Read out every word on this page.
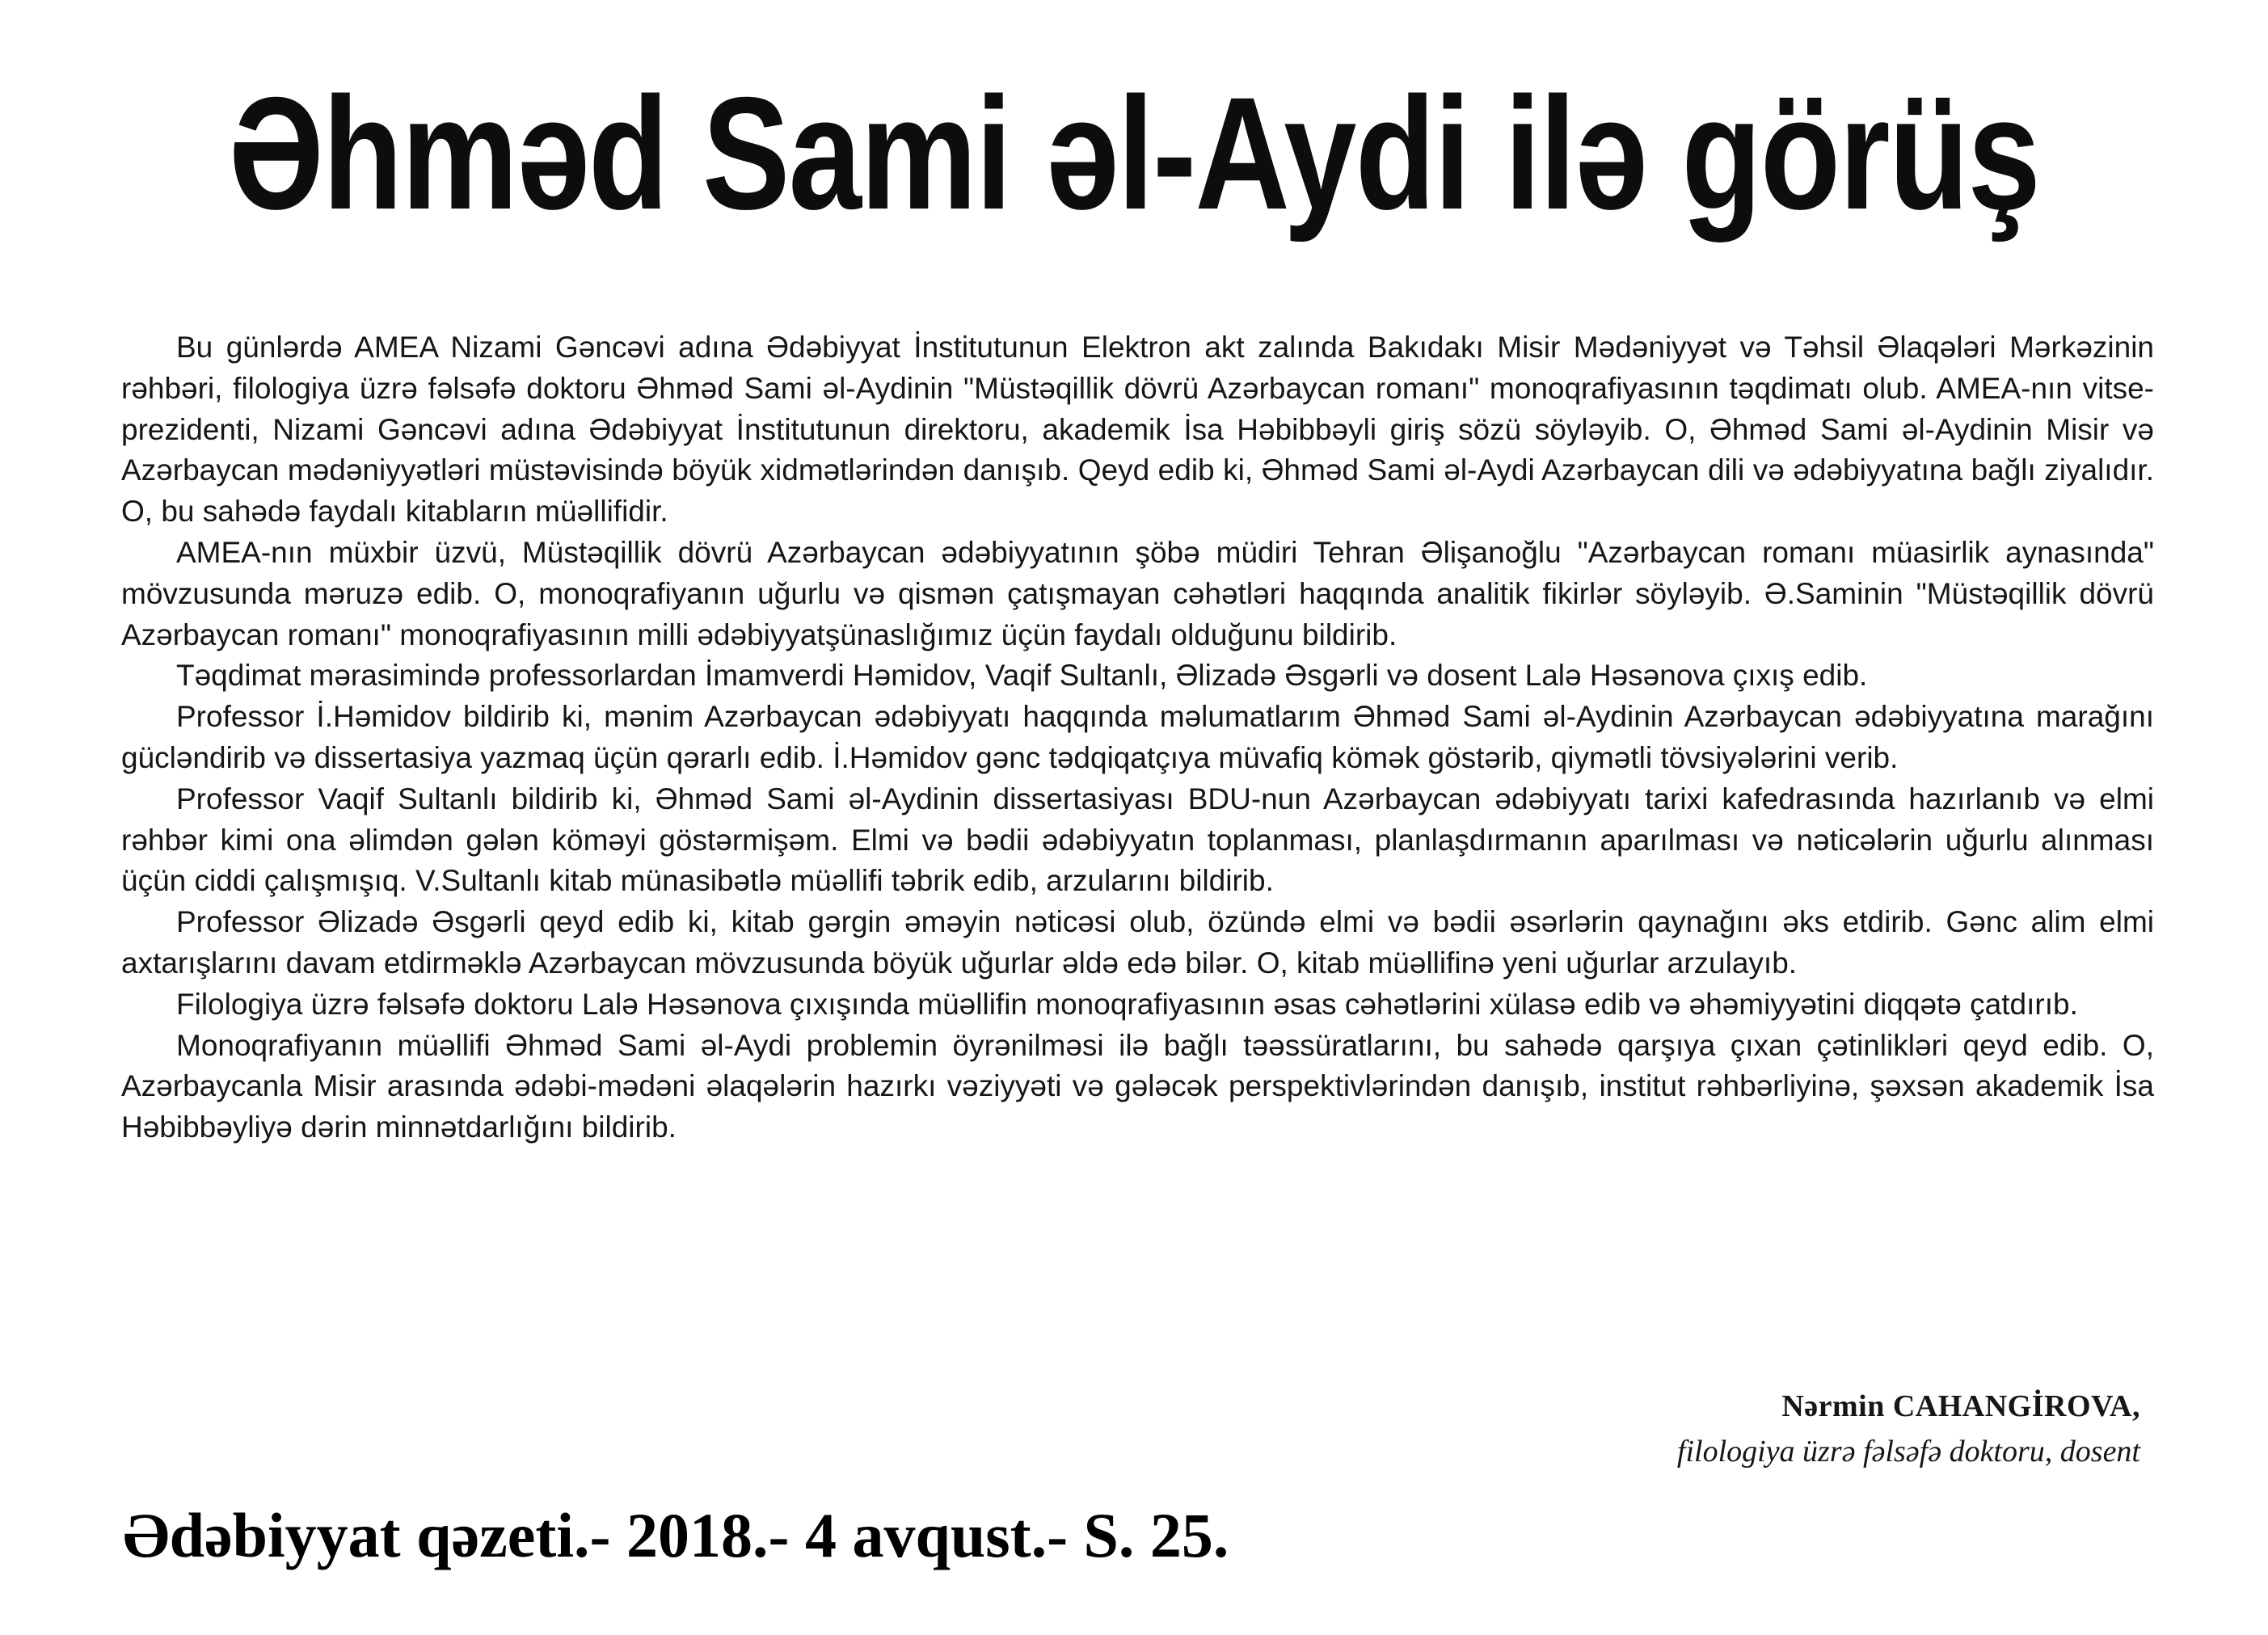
Əhməd Sami əl-Aydi ilə görüş

Bu günlərdə AMEA Nizami Gəncəvi adına Ədəbiyyat İnstitutunun Elektron akt zalında Bakıdakı Misir Mədəniyyət və Təhsil Əlaqələri Mərkəzinin rəhbəri, filologiya üzrə fəlsəfə doktoru Əhməd Sami əl-Aydinin "Müstəqillik dövrü Azərbaycan romanı" monoqrafiyasının təqdimatı olub. AMEA-nın vitse-prezidenti, Nizami Gəncəvi adına Ədəbiyyat İnstitutunun direktoru, akademik İsa Həbibbəyli giriş sözü söyləyib. O, Əhməd Sami əl-Aydinin Misir və Azərbaycan mədəniyyətləri müstəvisində böyük xidmətlərindən danışıb. Qeyd edib ki, Əhməd Sami əl-Aydi Azərbaycan dili və ədəbiyyatına bağlı ziyalıdır. O, bu sahədə faydalı kitabların müəllifidir.

AMEA-nın müxbir üzvü, Müstəqillik dövrü Azərbaycan ədəbiyyatının şöbə müdiri Tehran Əlişanoğlu "Azərbaycan romanı müasirlik aynasında" mövzusunda məruzə edib. O, monoqrafiyanın uğurlu və qismən çatışmayan cəhətləri haqqında analitik fikirlər söyləyib. Ə.Saminin "Müstəqillik dövrü Azərbaycan romanı" monoqrafiyasının milli ədəbiyyatşünaslığımız üçün faydalı olduğunu bildirib.

Təqdimat mərasimində professorlardan İmamverdi Həmidov, Vaqif Sultanlı, Əlizadə Əsgərli və dosent Lalə Həsənova çıxış edib.

Professor İ.Həmidov bildirib ki, mənim Azərbaycan ədəbiyyatı haqqında məlumatlarım Əhməd Sami əl-Aydinin Azərbaycan ədəbiyyatına marağını gücləndirib və dissertasiya yazmaq üçün qərarlı edib. İ.Həmidov gənc tədqiqatçıya müvafiq kömək göstərib, qiymətli tövsiyələrini verib.

Professor Vaqif Sultanlı bildirib ki, Əhməd Sami əl-Aydinin dissertasiyası BDU-nun Azərbaycan ədəbiyyatı tarixi kafedrasında hazırlanıb və elmi rəhbər kimi ona əlimdən gələn köməyi göstərmişəm. Elmi və bədii ədəbiyyatın toplanması, planlaşdırmanın aparılması və nəticələrin uğurlu alınması üçün ciddi çalışmışıq. V.Sultanlı kitab münasibətlə müəllifi təbrik edib, arzularını bildirib.

Professor Əlizadə Əsgərli qeyd edib ki, kitab gərgin əməyin nəticəsi olub, özündə elmi və bədii əsərlərin qaynağını əks etdirib. Gənc alim elmi axtarışlarını davam etdirməklə Azərbaycan mövzusunda böyük uğurlar əldə edə bilər. O, kitab müəllifinə yeni uğurlar arzulayıb.

Filologiya üzrə fəlsəfə doktoru Lalə Həsənova çıxışında müəllifin monoqrafiyasının əsas cəhətlərini xülasə edib və əhəmiyyətini diqqətə çatdırıb.

Monoqrafiyanın müəllifi Əhməd Sami əl-Aydi problemin öyrənilməsi ilə bağlı təəssüratlarını, bu sahədə qarşıya çıxan çətinlikləri qeyd edib. O, Azərbaycanla Misir arasında ədəbi-mədəni əlaqələrin hazırkı vəziyyəti və gələcək perspektivlərindən danışıb, institut rəhbərliyinə, şəxsən akademik İsa Həbibbəyliyə dərin minnətdarlığını bildirib.

Nərmin CAHANGİROVA,
filologiya üzrə fəlsəfə doktoru, dosent
Ədəbiyyat qəzeti.- 2018.- 4 avqust.- S. 25.
